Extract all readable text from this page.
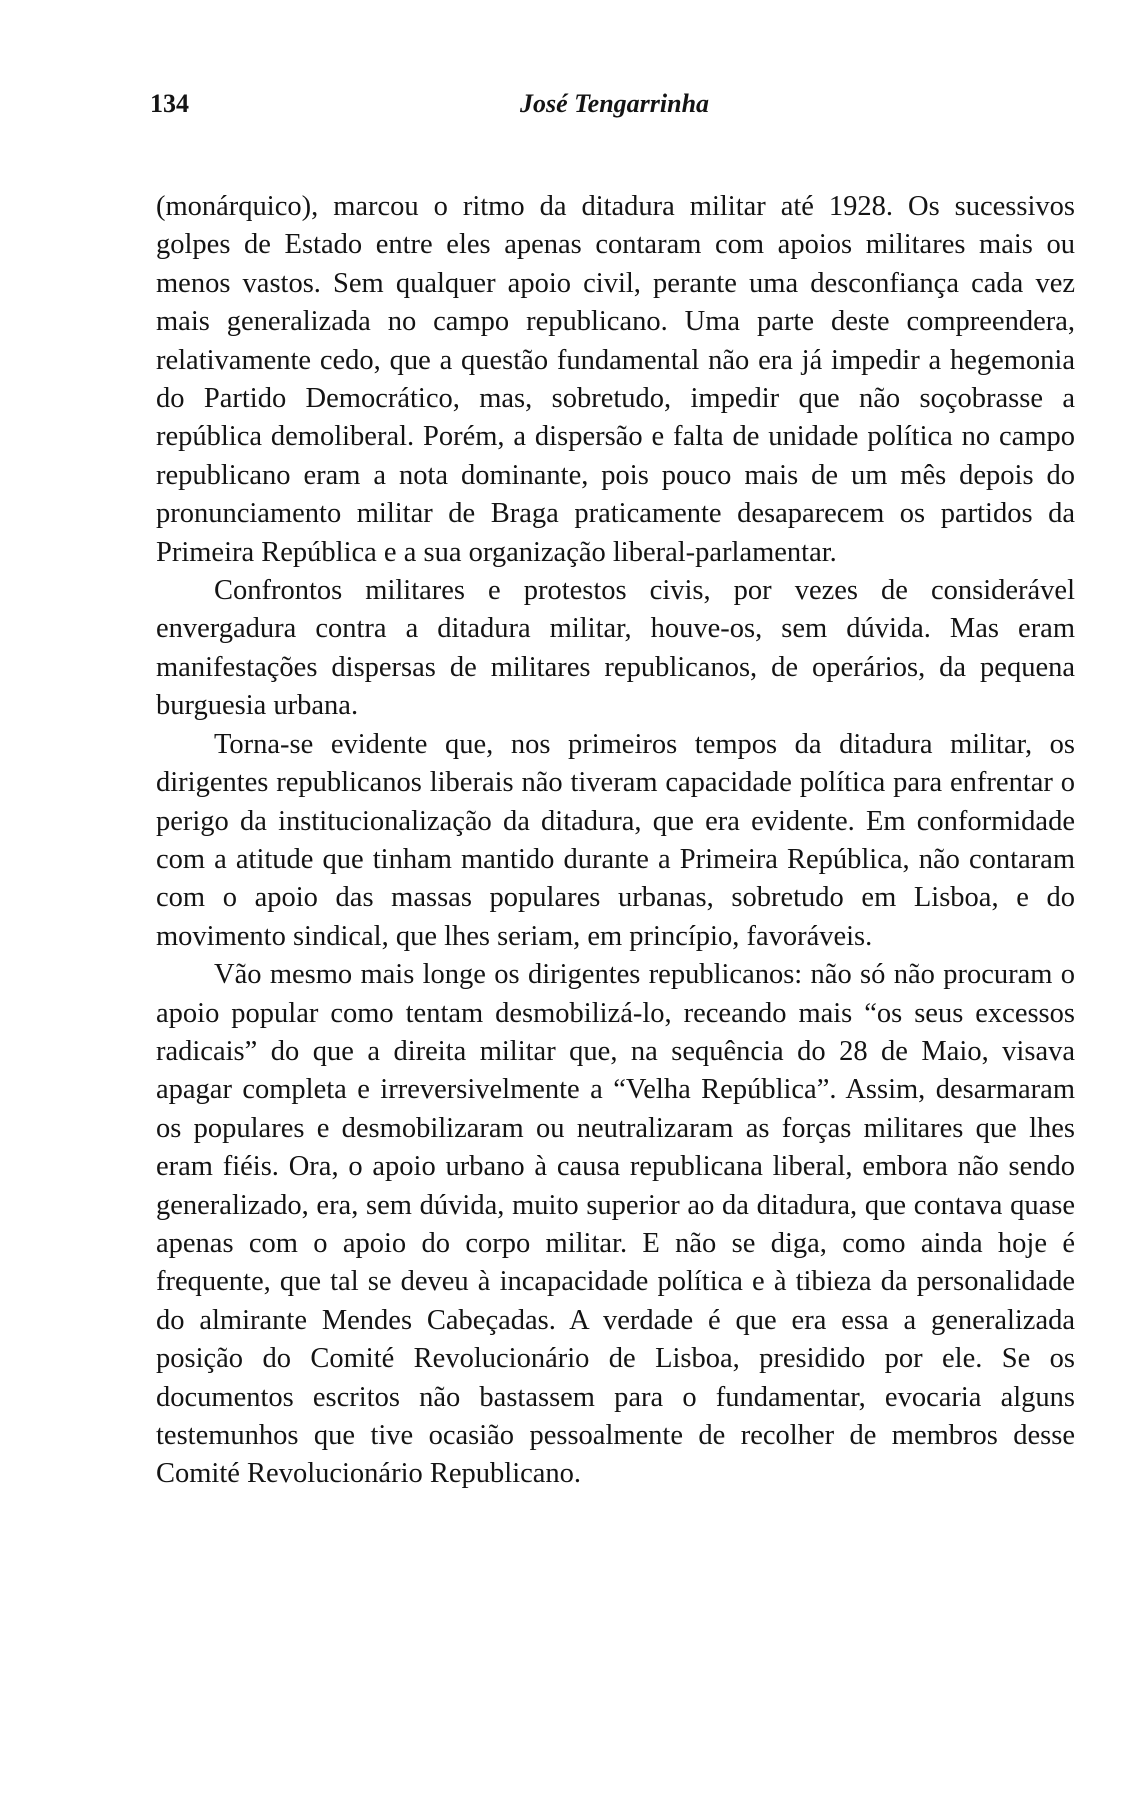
134	José Tengarrinha

(monárquico), marcou o ritmo da ditadura militar até 1928. Os sucessivos golpes de Estado entre eles apenas contaram com apoios militares mais ou menos vastos. Sem qualquer apoio civil, perante uma desconfiança cada vez mais generalizada no campo republicano. Uma parte deste compreendera, relativamente cedo, que a questão fundamental não era já impedir a hegemonia do Partido Democrático, mas, sobretudo, impedir que não soçobrasse a república demoliberal. Porém, a dispersão e falta de unidade política no campo republicano eram a nota dominante, pois pouco mais de um mês depois do pronunciamento militar de Braga praticamente desaparecem os partidos da Primeira República e a sua organização liberal-parlamentar.

Confrontos militares e protestos civis, por vezes de considerável envergadura contra a ditadura militar, houve-os, sem dúvida. Mas eram manifestações dispersas de militares republicanos, de operários, da pequena burguesia urbana.

Torna-se evidente que, nos primeiros tempos da ditadura militar, os dirigentes republicanos liberais não tiveram capacidade política para enfrentar o perigo da institucionalização da ditadura, que era evidente. Em conformidade com a atitude que tinham mantido durante a Primeira República, não contaram com o apoio das massas populares urbanas, sobretudo em Lisboa, e do movimento sindical, que lhes seriam, em princípio, favoráveis.

Vão mesmo mais longe os dirigentes republicanos: não só não procuram o apoio popular como tentam desmobilizá-lo, receando mais “os seus excessos radicais” do que a direita militar que, na sequência do 28 de Maio, visava apagar completa e irreversivelmente a “Velha República”. Assim, desarmaram os populares e desmobilizaram ou neutralizaram as forças militares que lhes eram fiéis. Ora, o apoio urbano à causa republicana liberal, embora não sendo generalizado, era, sem dúvida, muito superior ao da ditadura, que contava quase apenas com o apoio do corpo militar. E não se diga, como ainda hoje é frequente, que tal se deveu à incapacidade política e à tibieza da personalidade do almirante Mendes Cabeçadas. A verdade é que era essa a generalizada posição do Comité Revolucionário de Lisboa, presidido por ele. Se os documentos escritos não bastassem para o fundamentar, evocaria alguns testemunhos que tive ocasião pessoalmente de recolher de membros desse Comité Revolucionário Republicano.
